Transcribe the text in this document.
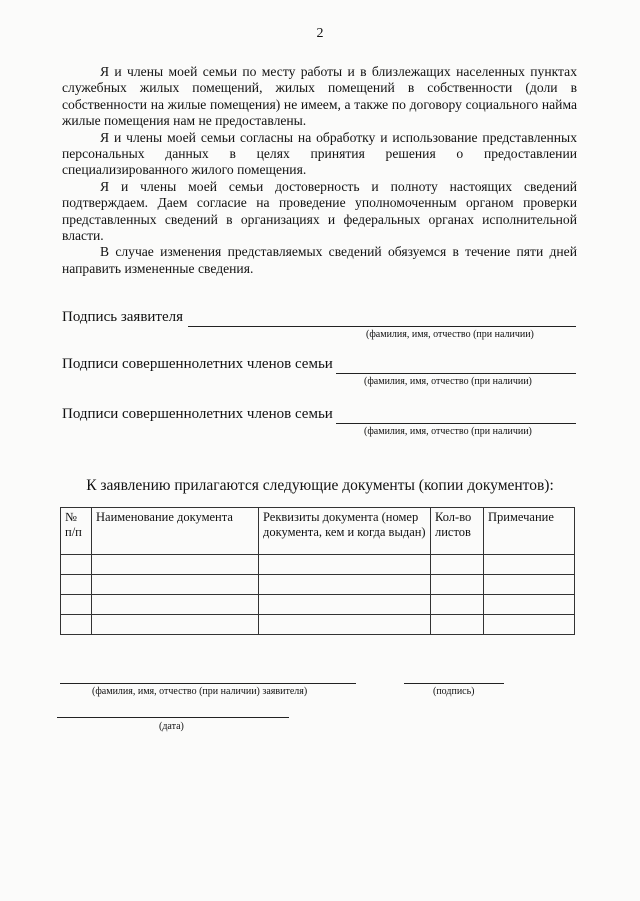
2

Я и члены моей семьи по месту работы и в близлежащих населенных пунктах служебных жилых помещений, жилых помещений в собственности (доли в собственности на жилые помещения) не имеем, а также по договору социального найма жилые помещения нам не предоставлены.

Я и члены моей семьи согласны на обработку и использование представленных персональных данных в целях принятия решения о предоставлении специализированного жилого помещения.

Я и члены моей семьи достоверность и полноту настоящих сведений подтверждаем. Даем согласие на проведение уполномоченным органом проверки представленных сведений в организациях и федеральных органах исполнительной власти.

В случае изменения представляемых сведений обязуемся в течение пяти дней направить измененные сведения.

Подпись заявителя
(фамилия, имя, отчество (при наличии)
Подписи совершеннолетних членов семьи
(фамилия, имя, отчество (при наличии)
Подписи совершеннолетних членов семьи
(фамилия, имя, отчество (при наличии)
К заявлению прилагаются следующие документы (копии документов):
№ п/п	Наименование документа	Реквизиты документа (номер документа, кем и когда выдан)	Кол-во листов	Примечание

(фамилия, имя, отчество (при наличии) заявителя)	(подпись)
(дата)
